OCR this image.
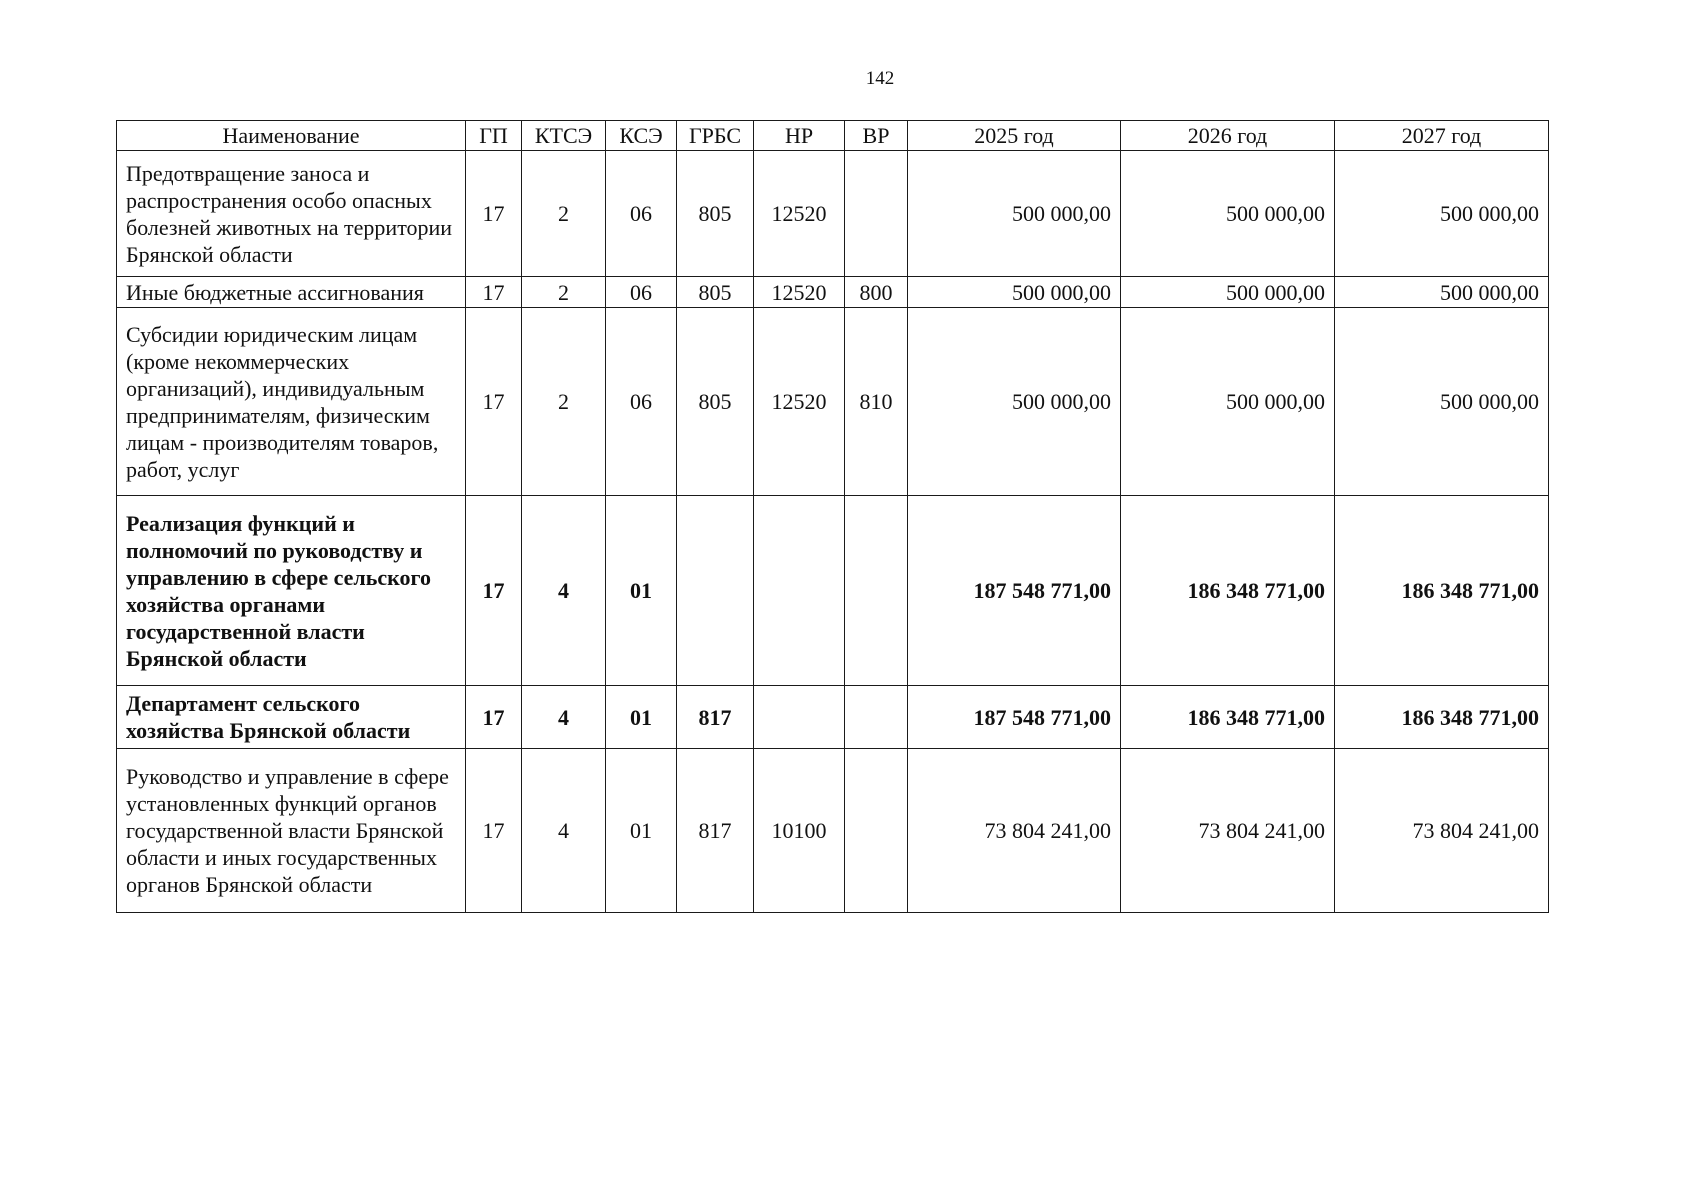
142
Наименование	ГП	КТСЭ	КСЭ	ГРБС	НР	ВР	2025 год	2026 год	2027 год
Предотвращение заноса и распространения особо опасных болезней животных на территории Брянской области	17	2	06	805	12520		500 000,00	500 000,00	500 000,00
Иные бюджетные ассигнования	17	2	06	805	12520	800	500 000,00	500 000,00	500 000,00
Субсидии юридическим лицам (кроме некоммерческих организаций), индивидуальным предпринимателям, физическим лицам - производителям товаров, работ, услуг	17	2	06	805	12520	810	500 000,00	500 000,00	500 000,00
Реализация функций и полномочий по руководству и управлению в сфере сельского хозяйства органами государственной власти Брянской области	17	4	01				187 548 771,00	186 348 771,00	186 348 771,00
Департамент сельского хозяйства Брянской области	17	4	01	817			187 548 771,00	186 348 771,00	186 348 771,00
Руководство и управление в сфере установленных функций органов государственной власти Брянской области и иных государственных органов Брянской области	17	4	01	817	10100		73 804 241,00	73 804 241,00	73 804 241,00
